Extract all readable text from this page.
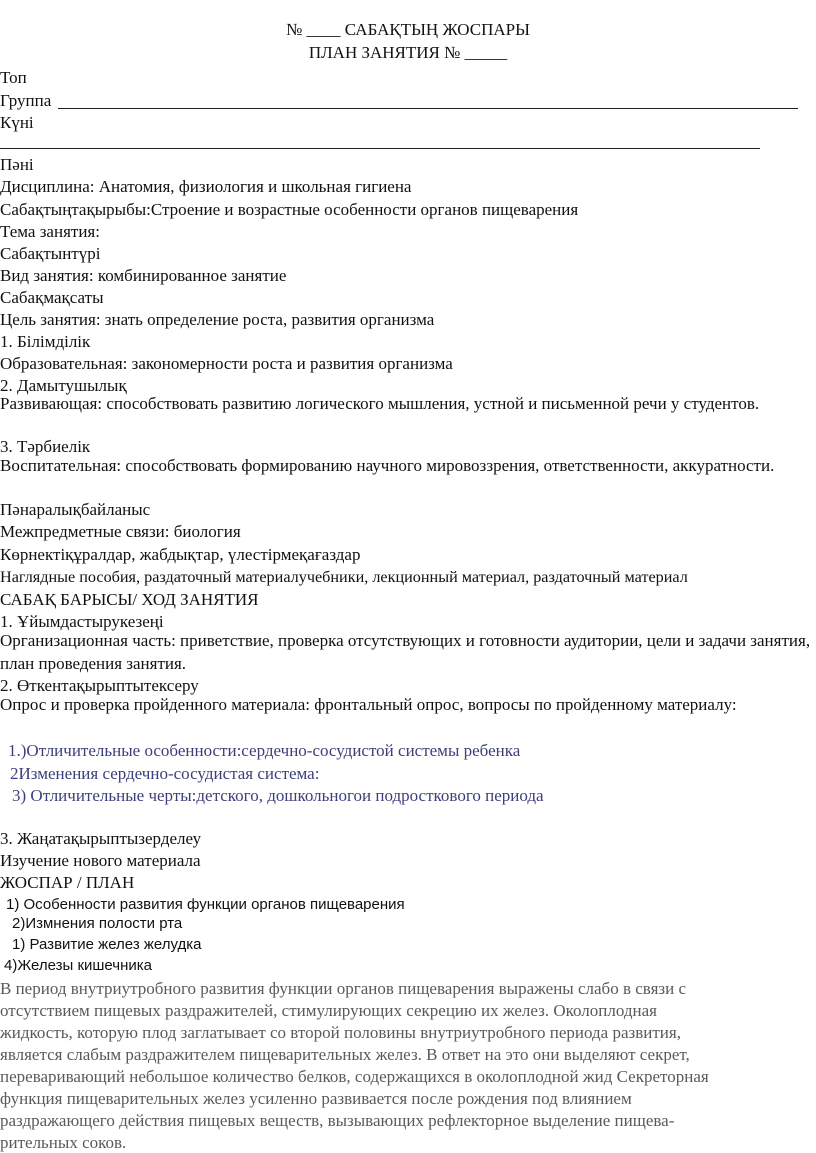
№ ____ САБАҚТЫҢ ЖОСПАРЫ
ПЛАН ЗАНЯТИЯ № _____
Топ
Группа
Күні
Пәні
Дисциплина: Анатомия, физиология и школьная гигиена
Сабақтыңтақырыбы:Строение и возрастные особенности органов пищеварения
Тема занятия:
Сабақтынтүрі
Вид занятия: комбинированное занятие
Сабақмақсаты
Цель занятия: знать определение роста, развития организма
1. Білімділік
Образовательная: закономерности роста и развития организма
2. Дамытушылық
Развивающая: способствовать развитию логического мышления, устной и письменной речи у студентов.
3. Тәрбиелік
Воспитательная: способствовать формированию научного мировоззрения, ответственности, аккуратности.
Пәнаралықбайланыс
Межпредметные связи: биология
Көрнектіқұралдар, жабдықтар, үлестірмеқағаздар
Наглядные пособия, раздаточный материалучебники, лекционный материал, раздаточный материал
САБАҚ БАРЫСЫ/ ХОД ЗАНЯТИЯ
1. Ұйымдастырукезеңі
Организационная часть: приветствие, проверка отсутствующих и готовности аудитории, цели и задачи занятия, план проведения занятия.
2. Өткентақырыптытексеру
Опрос и проверка пройденного материала: фронтальный опрос, вопросы по пройденному материалу:
1.)Отличительные особенности:сердечно-сосудистой системы ребенка
2Изменения сердечно-сосудистая система:
3) Отличительные черты:детского, дошкольногои подросткового периода
3. Жаңатақырыптызерделеу
Изучение нового материала
ЖОСПАР / ПЛАН
1) Особенности развития функции органов пищеварения
2)Измнения полости рта
1) Развитие желез желудка
4)Железы кишечника
В период внутриутробного развития функции органов пищеварения выражены слабо в связи с
отсутствием пищевых раздражителей, стимулирующих секрецию их желез. Околоплодная
жидкость, которую плод заглатывает со второй половины внутриутробного периода развития,
является слабым раздражителем пищеварительных желез. В ответ на это они выделяют секрет,
переваривающий небольшое количество белков, содержащихся в околоплодной жид Секреторная
функция пищеварительных желез усиленно развивается после рождения под влиянием
раздражающего действия пищевых веществ, вызывающих рефлекторное выделение пищева-
рительных соков.
